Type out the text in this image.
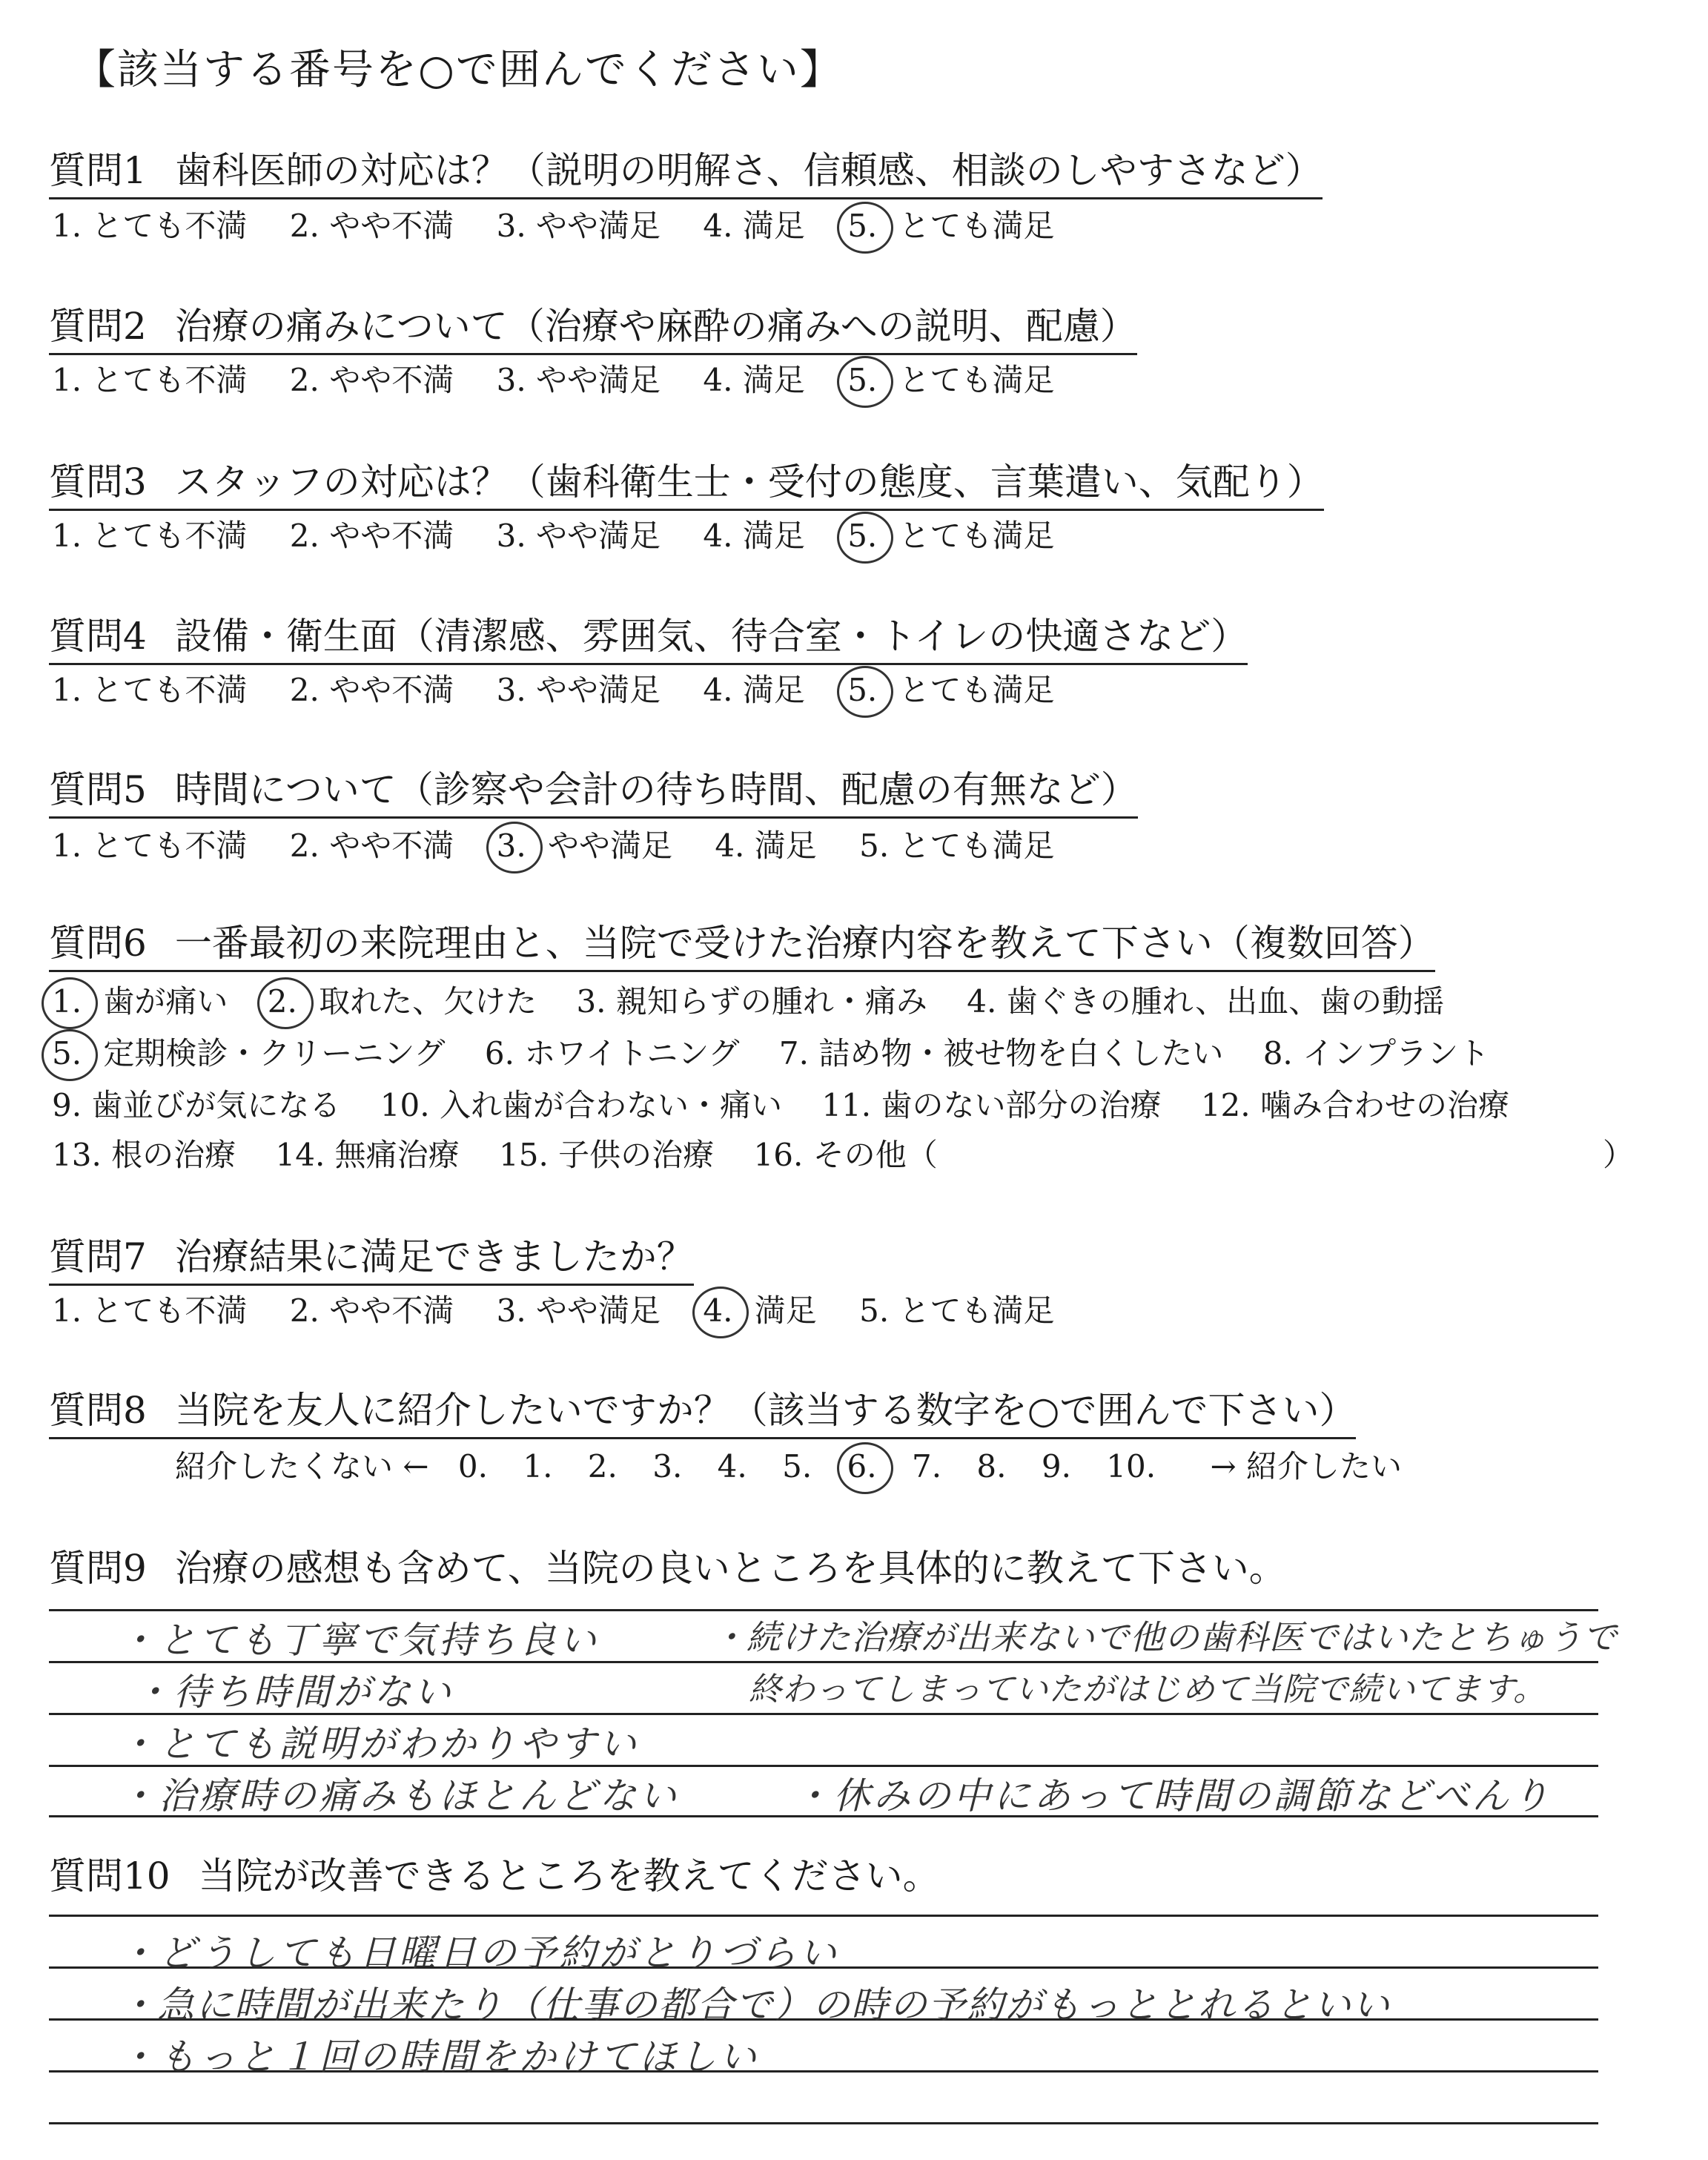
【該当する番号を○で囲んでください】
質問1 歯科医師の対応は？（説明の明解さ、信頼感、相談のしやすさなど）
1. とても不満 2. やや不満 3. やや満足 4. 満足 5. とても満足
質問2 治療の痛みについて（治療や麻酔の痛みへの説明、配慮）
1. とても不満 2. やや不満 3. やや満足 4. 満足 5. とても満足
質問3 スタッフの対応は？（歯科衛生士・受付の態度、言葉遣い、気配り）
1. とても不満 2. やや不満 3. やや満足 4. 満足 5. とても満足
質問4 設備・衛生面（清潔感、雰囲気、待合室・トイレの快適さなど）
1. とても不満 2. やや不満 3. やや満足 4. 満足 5. とても満足
質問5 時間について（診察や会計の待ち時間、配慮の有無など）
1. とても不満 2. やや不満 3. やや満足 4. 満足 5. とても満足
質問6 一番最初の来院理由と、当院で受けた治療内容を教えて下さい（複数回答）
1. 歯が痛い 2. 取れた、欠けた 3. 親知らずの腫れ・痛み 4. 歯ぐきの腫れ、出血、歯の動揺
5. 定期検診・クリーニング 6. ホワイトニング 7. 詰め物・被せ物を白くしたい 8. インプラント
9. 歯並びが気になる 10. 入れ歯が合わない・痛い 11. 歯のない部分の治療 12. 噛み合わせの治療
13. 根の治療 14. 無痛治療 15. 子供の治療 16. その他（	）
質問7 治療結果に満足できましたか？
1. とても不満 2. やや不満 3. やや満足 4. 満足 5. とても満足
質問8 当院を友人に紹介したいですか？（該当する数字を○で囲んで下さい）
紹介したくない ← 0. 1. 2. 3. 4. 5. 6. 7. 8. 9. 10. → 紹介したい
質問9 治療の感想も含めて、当院の良いところを具体的に教えて下さい。
・とても丁寧で気持ち良い	・続けた治療が出来ないで他の歯科医ではいたとちゅうで
・待ち時間がない	終わってしまっていたがはじめて当院で続いてます。
・とても説明がわかりやすい
・治療時の痛みもほとんどない	・休みの中にあって時間の調節などべんり
質問10 当院が改善できるところを教えてください。
・どうしても日曜日の予約がとりづらい
・急に時間が出来たり（仕事の都合で）の時の予約がもっととれるといい
・もっと１回の時間をかけてほしい
